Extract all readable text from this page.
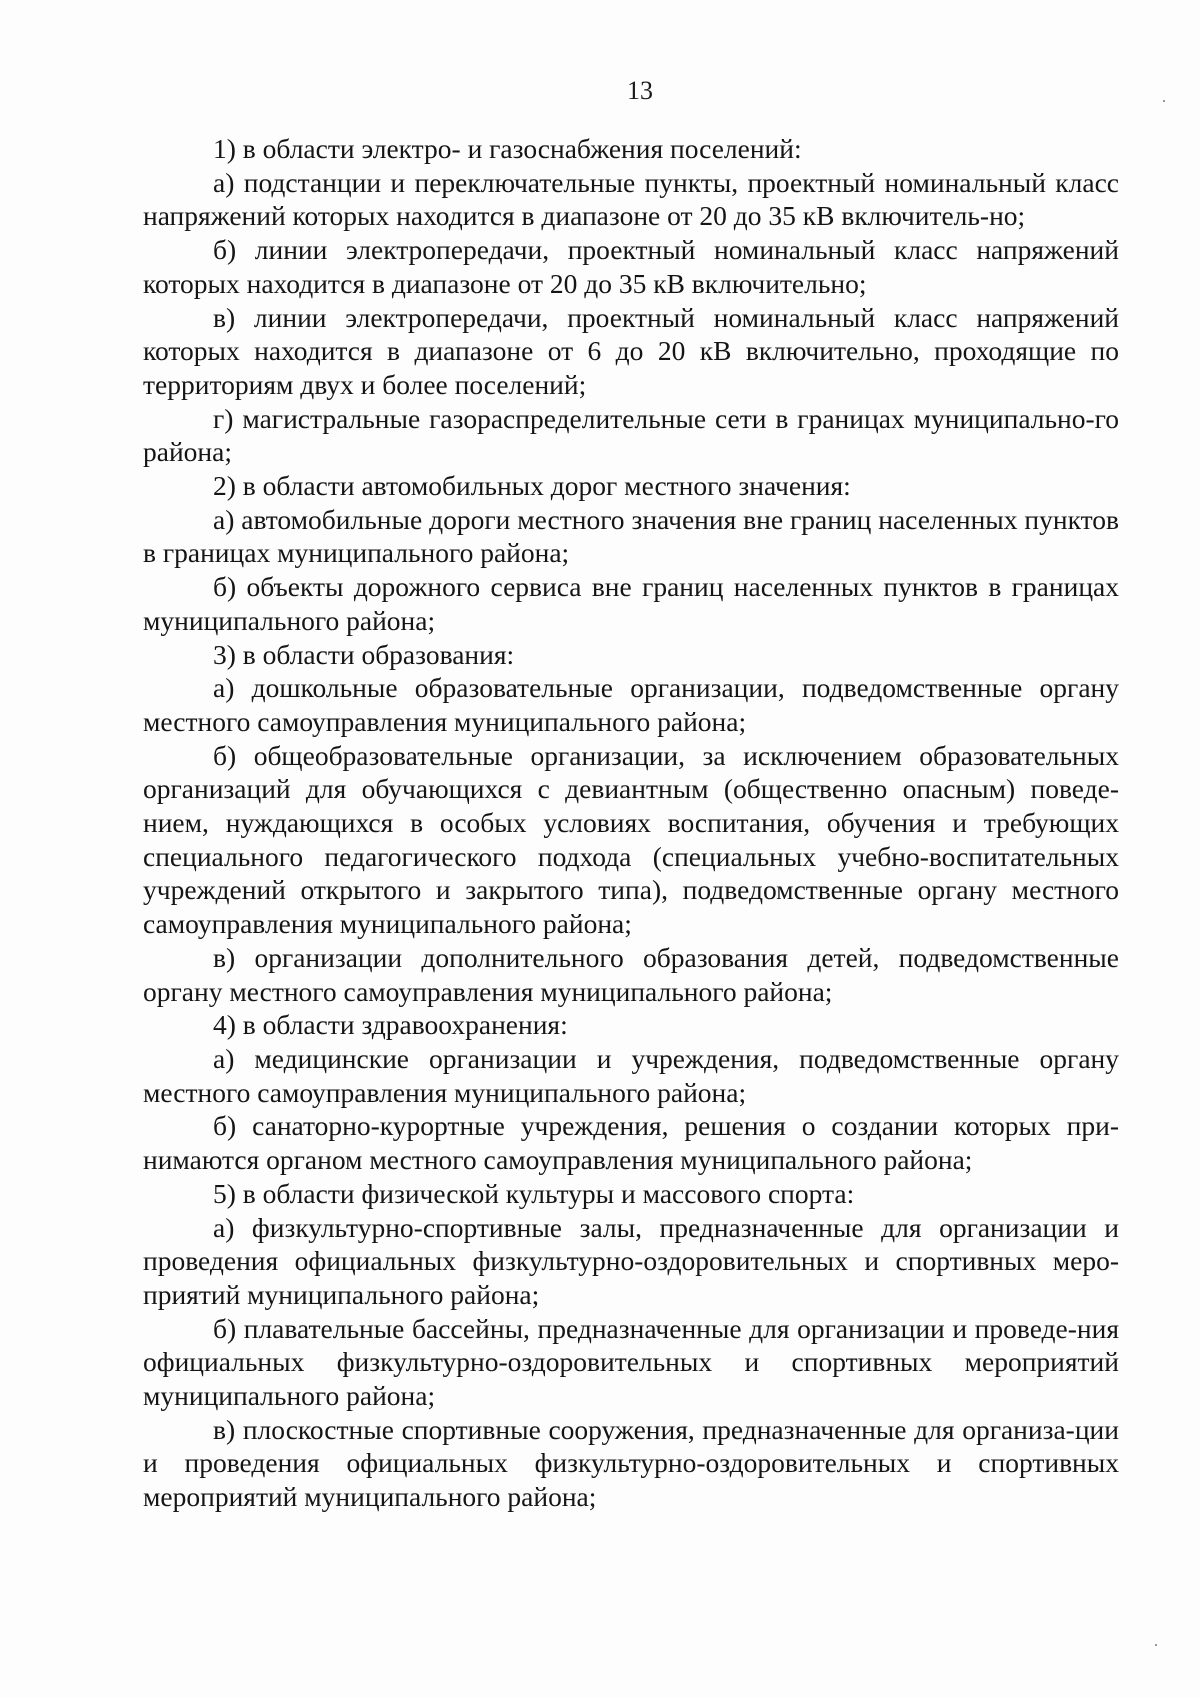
13

1) в области электро- и газоснабжения поселений:

а) подстанции и переключательные пункты, проектный номинальный класс напряжений которых находится в диапазоне от 20 до 35 кВ включитель-но;

б) линии электропередачи, проектный номинальный класс напряжений которых находится в диапазоне от 20 до 35 кВ включительно;

в) линии электропередачи, проектный номинальный класс напряжений которых находится в диапазоне от 6 до 20 кВ включительно, проходящие по территориям двух и более поселений;

г) магистральные газораспределительные сети в границах муниципально-го района;

2) в области автомобильных дорог местного значения:

а) автомобильные дороги местного значения вне границ населенных пунктов в границах муниципального района;

б) объекты дорожного сервиса вне границ населенных пунктов в границах муниципального района;

3) в области образования:

а) дошкольные образовательные организации, подведомственные органу местного самоуправления муниципального района;

б) общеобразовательные организации, за исключением образовательных организаций для обучающихся с девиантным (общественно опасным) поведе-нием, нуждающихся в особых условиях воспитания, обучения и требующих специального педагогического подхода (специальных учебно-воспитательных учреждений открытого и закрытого типа), подведомственные органу местного самоуправления муниципального района;

в) организации дополнительного образования детей, подведомственные органу местного самоуправления муниципального района;

4) в области здравоохранения:

а) медицинские организации и учреждения, подведомственные органу местного самоуправления муниципального района;

б) санаторно-курортные учреждения, решения о создании которых при-нимаются органом местного самоуправления муниципального района;

5) в области физической культуры и массового спорта:

а) физкультурно-спортивные залы, предназначенные для организации и проведения официальных физкультурно-оздоровительных и спортивных меро-приятий муниципального района;

б) плавательные бассейны, предназначенные для организации и проведе-ния официальных физкультурно-оздоровительных и спортивных мероприятий муниципального района;

в) плоскостные спортивные сооружения, предназначенные для организа-ции и проведения официальных физкультурно-оздоровительных и спортивных мероприятий муниципального района;
